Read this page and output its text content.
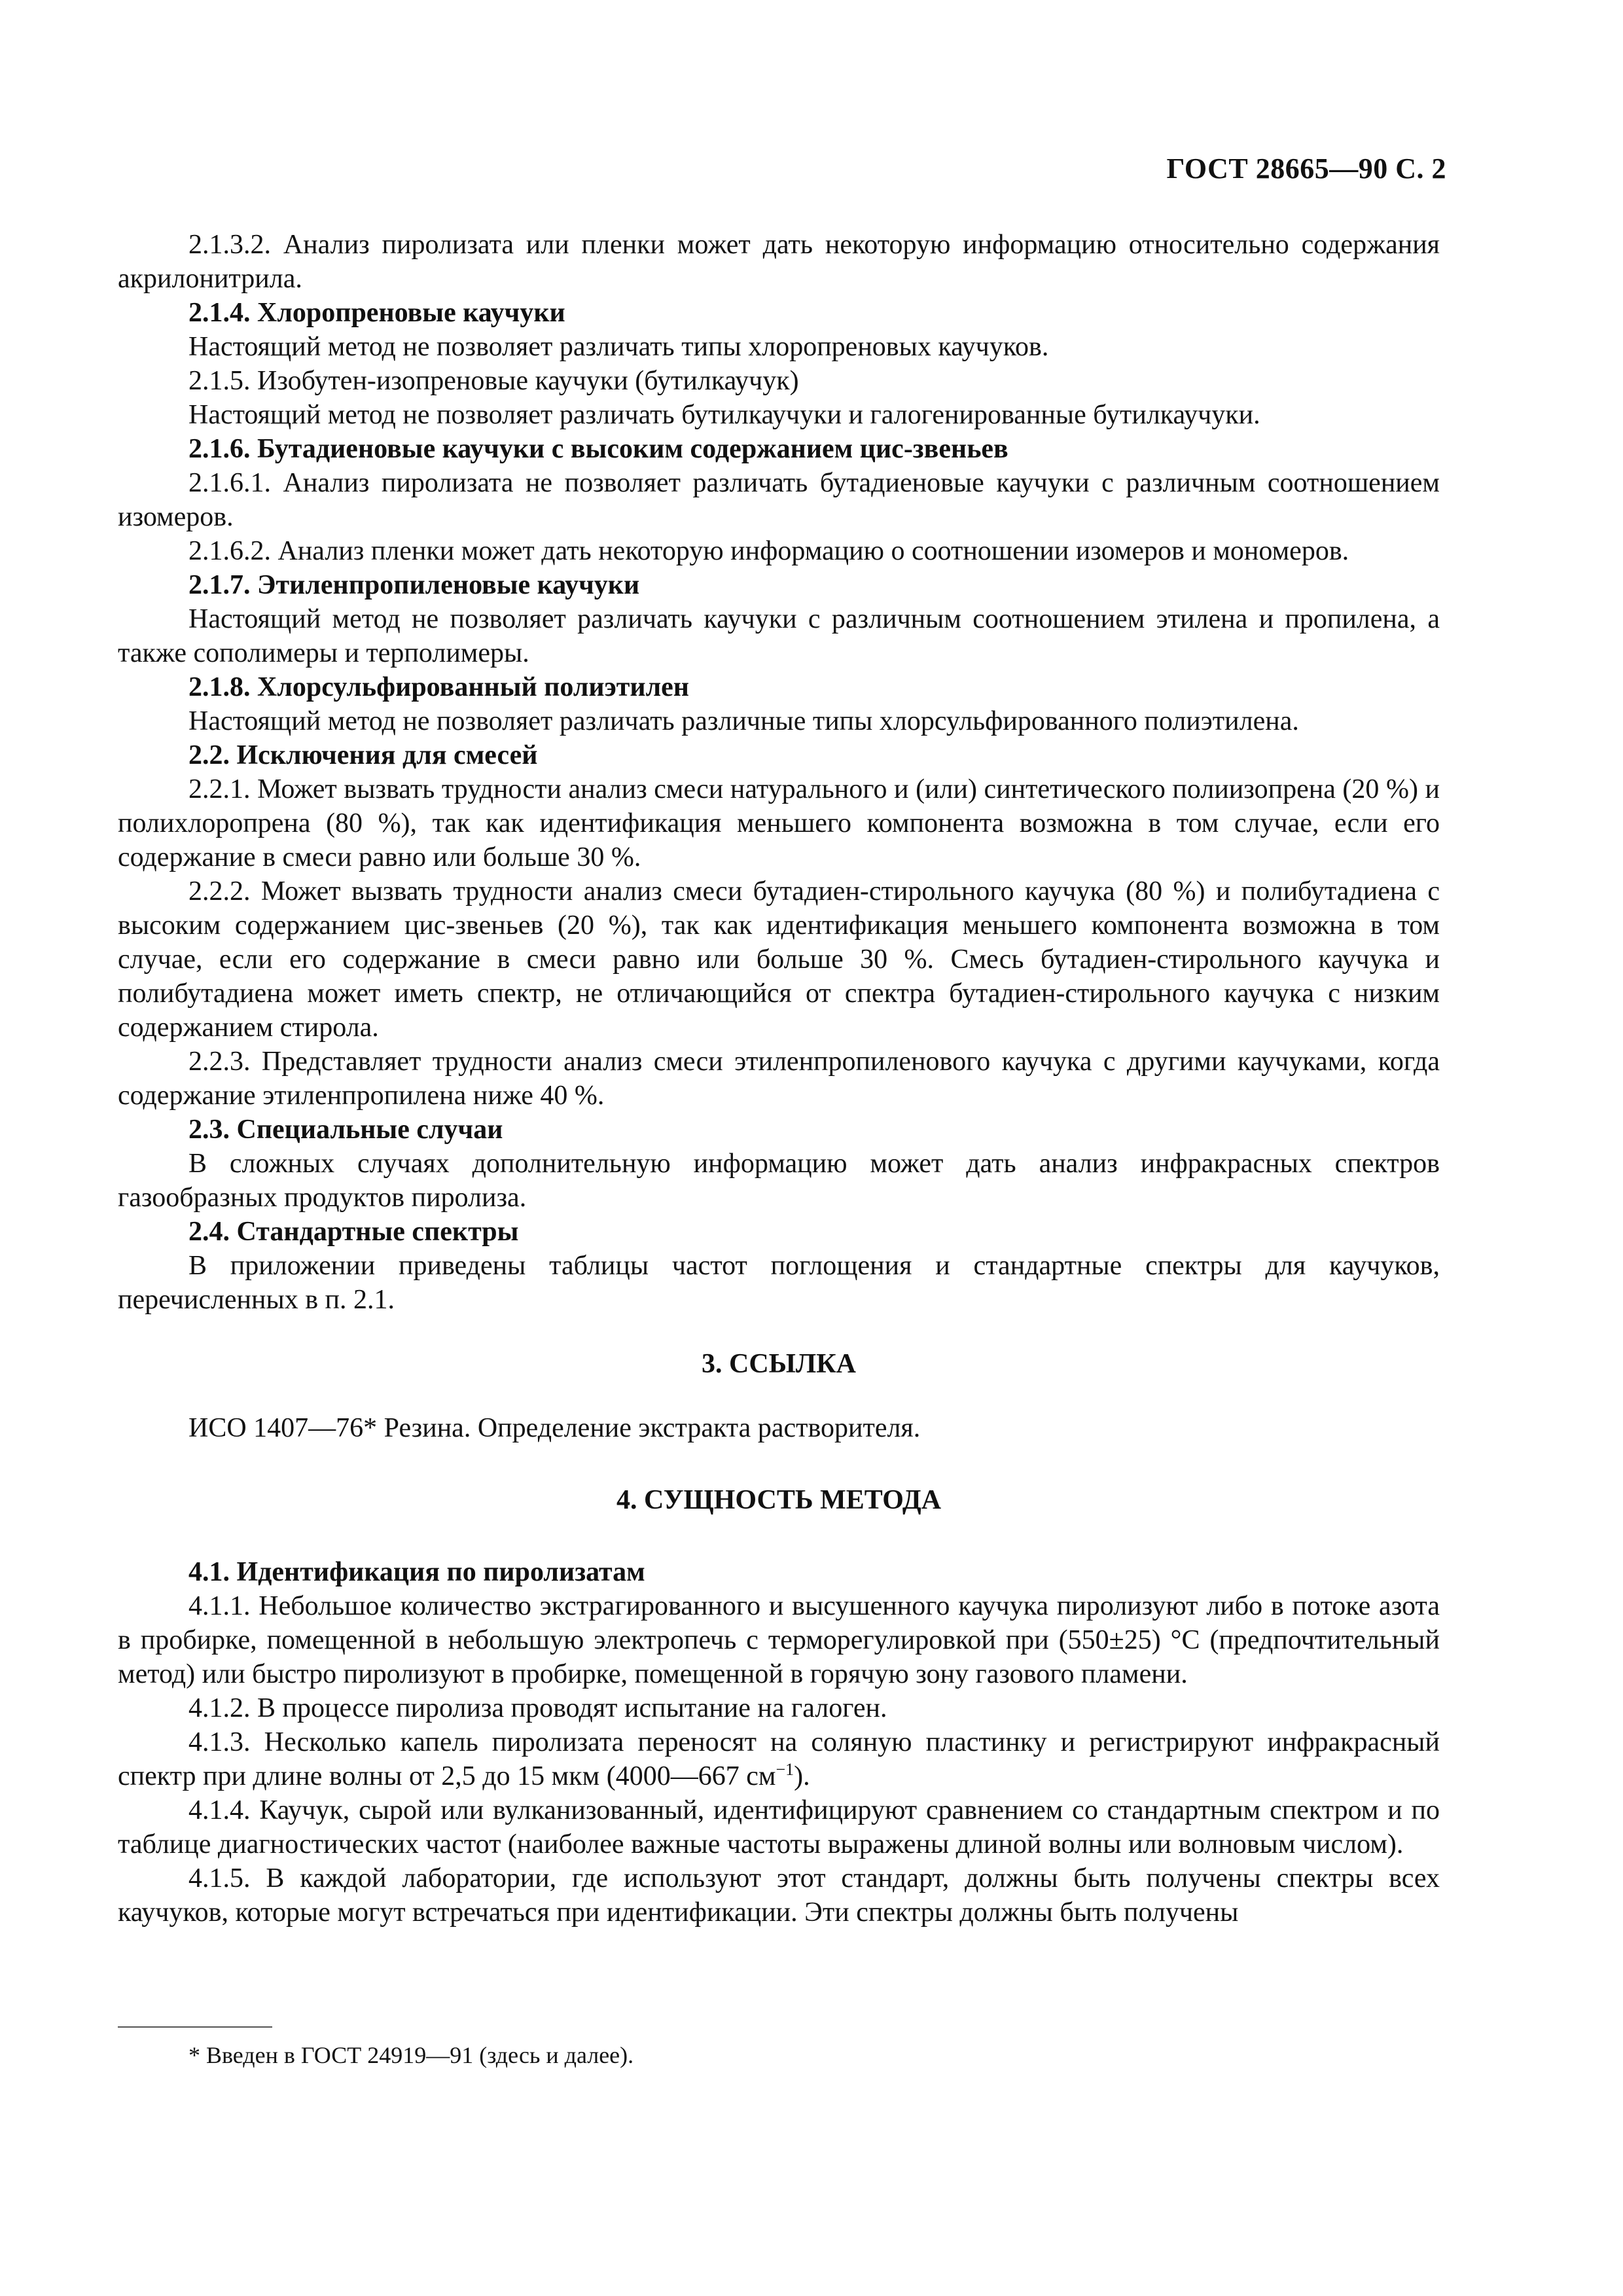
ГОСТ 28665—90 С. 2

2.1.3.2. Анализ пиролизата или пленки может дать некоторую информацию относительно содержания акрилонитрила.

2.1.4. Хлоропреновые каучуки

Настоящий метод не позволяет различать типы хлоропреновых каучуков.

2.1.5. Изобутен-изопреновые каучуки (бутилкаучук)

Настоящий метод не позволяет различать бутилкаучуки и галогенированные бутилкаучуки.

2.1.6. Бутадиеновые каучуки с высоким содержанием цис-звеньев

2.1.6.1. Анализ пиролизата не позволяет различать бутадиеновые каучуки с различным соотношением изомеров.

2.1.6.2. Анализ пленки может дать некоторую информацию о соотношении изомеров и мономеров.

2.1.7. Этиленпропиленовые каучуки

Настоящий метод не позволяет различать каучуки с различным соотношением этилена и пропилена, а также сополимеры и терполимеры.

2.1.8. Хлорсульфированный полиэтилен

Настоящий метод не позволяет различать различные типы хлорсульфированного полиэтилена.

2.2. Исключения для смесей

2.2.1. Может вызвать трудности анализ смеси натурального и (или) синтетического полиизопрена (20 %) и полихлоропрена (80 %), так как идентификация меньшего компонента возможна в том случае, если его содержание в смеси равно или больше 30 %.

2.2.2. Может вызвать трудности анализ смеси бутадиен-стирольного каучука (80 %) и полибутадиена с высоким содержанием цис-звеньев (20 %), так как идентификация меньшего компонента возможна в том случае, если его содержание в смеси равно или больше 30 %. Смесь бутадиен-стирольного каучука и полибутадиена может иметь спектр, не отличающийся от спектра бутадиен-стирольного каучука с низким содержанием стирола.

2.2.3. Представляет трудности анализ смеси этиленпропиленового каучука с другими каучуками, когда содержание этиленпропилена ниже 40 %.

2.3. Специальные случаи

В сложных случаях дополнительную информацию может дать анализ инфракрасных спектров газообразных продуктов пиролиза.

2.4. Стандартные спектры

В приложении приведены таблицы частот поглощения и стандартные спектры для каучуков, перечисленных в п. 2.1.

3. ССЫЛКА

ИСО 1407—76* Резина. Определение экстракта растворителя.

4. СУЩНОСТЬ МЕТОДА

4.1. Идентификация по пиролизатам

4.1.1. Небольшое количество экстрагированного и высушенного каучука пиролизуют либо в потоке азота в пробирке, помещенной в небольшую электропечь с терморегулировкой при (550±25) °С (предпочтительный метод) или быстро пиролизуют в пробирке, помещенной в горячую зону газового пламени.

4.1.2. В процессе пиролиза проводят испытание на галоген.

4.1.3. Несколько капель пиролизата переносят на соляную пластинку и регистрируют инфракрасный спектр при длине волны от 2,5 до 15 мкм (4000—667 $см^{-1}$).

4.1.4. Каучук, сырой или вулканизованный, идентифицируют сравнением со стандартным спектром и по таблице диагностических частот (наиболее важные частоты выражены длиной волны или волновым числом).

4.1.5. В каждой лаборатории, где используют этот стандарт, должны быть получены спектры всех каучуков, которые могут встречаться при идентификации. Эти спектры должны быть получены

* Введен в ГОСТ 24919—91 (здесь и далее).
